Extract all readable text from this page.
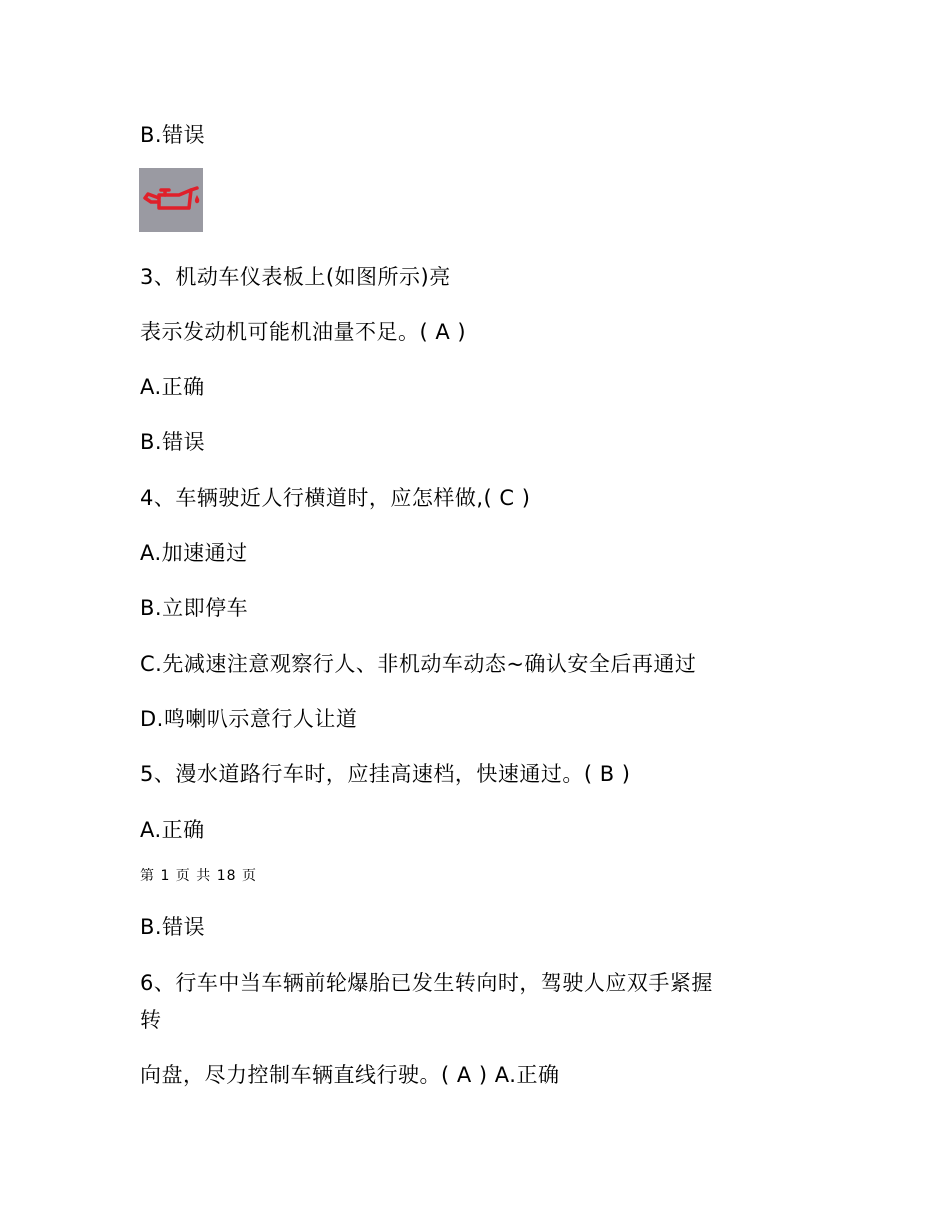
B.错误
3、机动车仪表板上(如图所示)亮
表示发动机可能机油量不足。( A )
A.正确
B.错误
4、车辆驶近人行横道时，应怎样做,( C )
A.加速通过
B.立即停车
C.先减速注意观察行人、非机动车动态~确认安全后再通过
D.鸣喇叭示意行人让道
5、漫水道路行车时，应挂高速档，快速通过。( B )
A.正确
第 1 页 共 18 页
B.错误
6、行车中当车辆前轮爆胎已发生转向时，驾驶人应双手紧握
转
向盘，尽力控制车辆直线行驶。( A ) A.正确
